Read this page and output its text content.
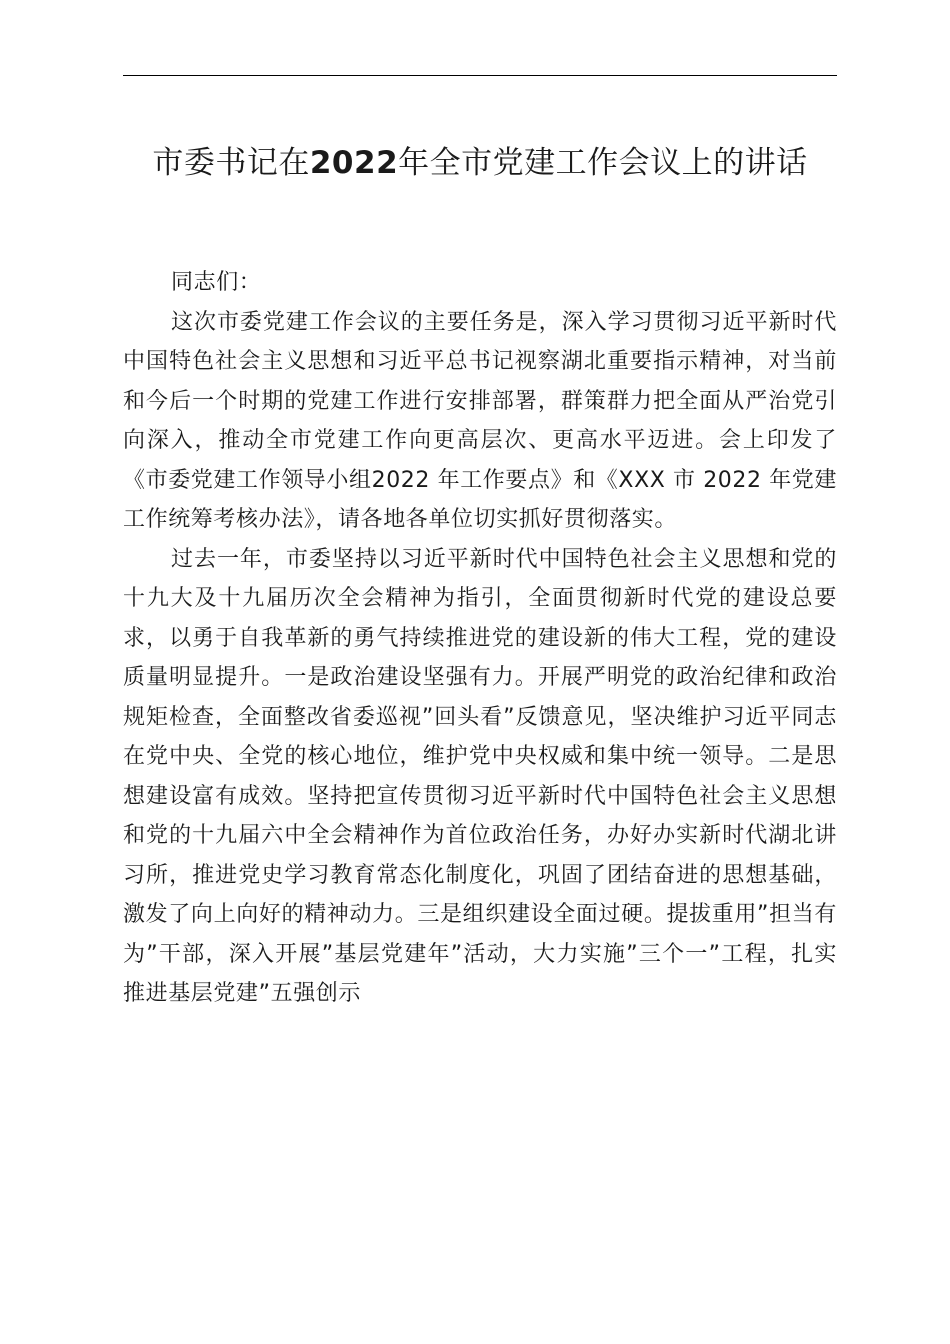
市委书记在2022年全市党建工作会议上的讲话

同志们：

这次市委党建工作会议的主要任务是，深入学习贯彻习近平新时代中国特色社会主义思想和习近平总书记视察湖北重要指示精神，对当前和今后一个时期的党建工作进行安排部署，群策群力把全面从严治党引向深入，推动全市党建工作向更高层次、更高水平迈进。会上印发了《市委党建工作领导小组2022 年工作要点》和《XXX 市 2022 年党建工作统筹考核办法》，请各地各单位切实抓好贯彻落实。

过去一年，市委坚持以习近平新时代中国特色社会主义思想和党的十九大及十九届历次全会精神为指引，全面贯彻新时代党的建设总要求，以勇于自我革新的勇气持续推进党的建设新的伟大工程，党的建设质量明显提升。一是政治建设坚强有力。开展严明党的政治纪律和政治规矩检查，全面整改省委巡视”回头看”反馈意见，坚决维护习近平同志在党中央、全党的核心地位，维护党中央权威和集中统一领导。二是思想建设富有成效。坚持把宣传贯彻习近平新时代中国特色社会主义思想和党的十九届六中全会精神作为首位政治任务，办好办实新时代湖北讲习所，推进党史学习教育常态化制度化，巩固了团结奋进的思想基础，激发了向上向好的精神动力。三是组织建设全面过硬。提拔重用”担当有为”干部，深入开展”基层党建年”活动，大力实施”三个一”工程，扎实推进基层党建”五强创示
